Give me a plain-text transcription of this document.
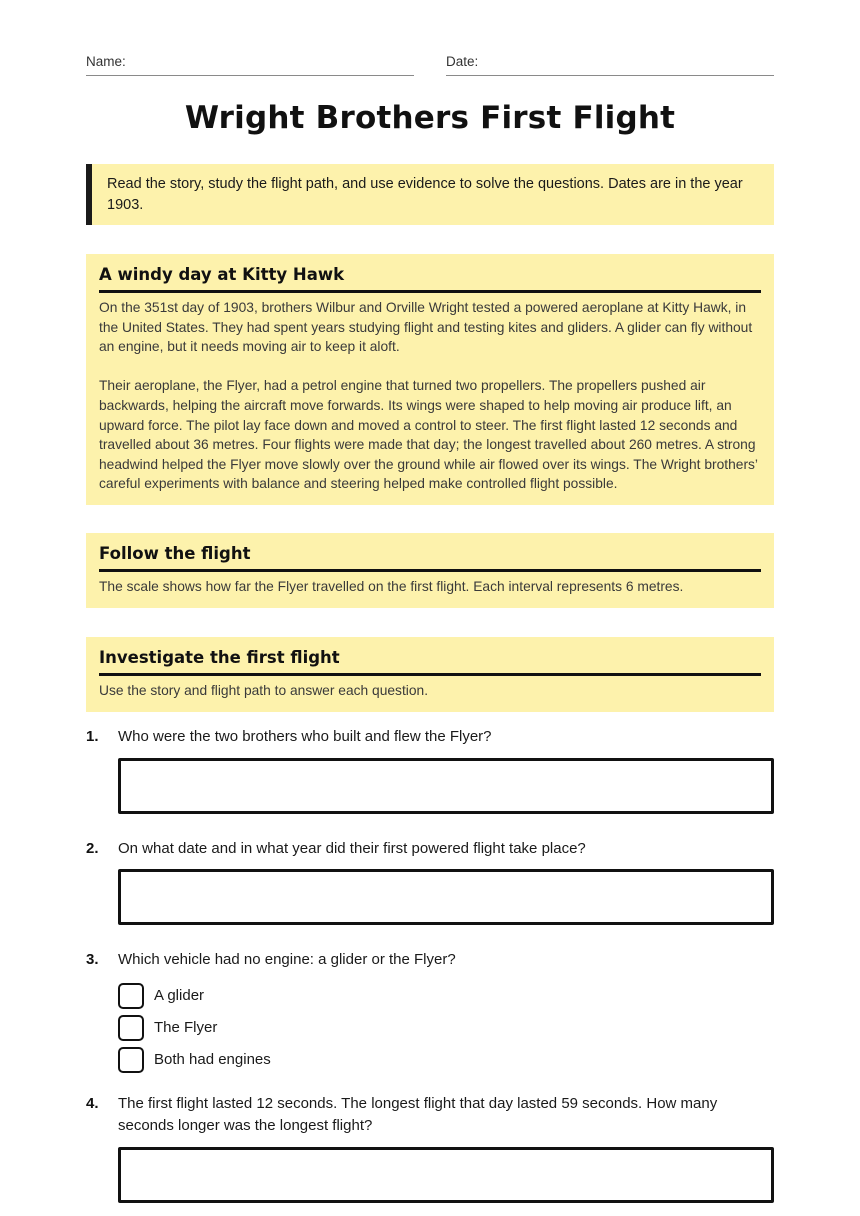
Name:	Date:
Wright Brothers First Flight
Read the story, study the flight path, and use evidence to solve the questions. Dates are in the year 1903.
A windy day at Kitty Hawk

On the 351st day of 1903, brothers Wilbur and Orville Wright tested a powered aeroplane at Kitty Hawk, in the United States. They had spent years studying flight and testing kites and gliders. A glider can fly without an engine, but it needs moving air to keep it aloft.

Their aeroplane, the Flyer, had a petrol engine that turned two propellers. The propellers pushed air backwards, helping the aircraft move forwards. Its wings were shaped to help moving air produce lift, an upward force. The pilot lay face down and moved a control to steer. The first flight lasted 12 seconds and travelled about 36 metres. Four flights were made that day; the longest travelled about 260 metres. A strong headwind helped the Flyer move slowly over the ground while air flowed over its wings. The Wright brothers’ careful experiments with balance and steering helped make controlled flight possible.

Follow the flight

The scale shows how far the Flyer travelled on the first flight. Each interval represents 6 metres.

Investigate the first flight

Use the story and flight path to answer each question.

1. Who were the two brothers who built and flew the Flyer?
2. On what date and in what year did their first powered flight take place?
3. Which vehicle had no engine: a glider or the Flyer?
A glider
The Flyer
Both had engines
4. The first flight lasted 12 seconds. The longest flight that day lasted 59 seconds. How many seconds longer was the longest flight?
